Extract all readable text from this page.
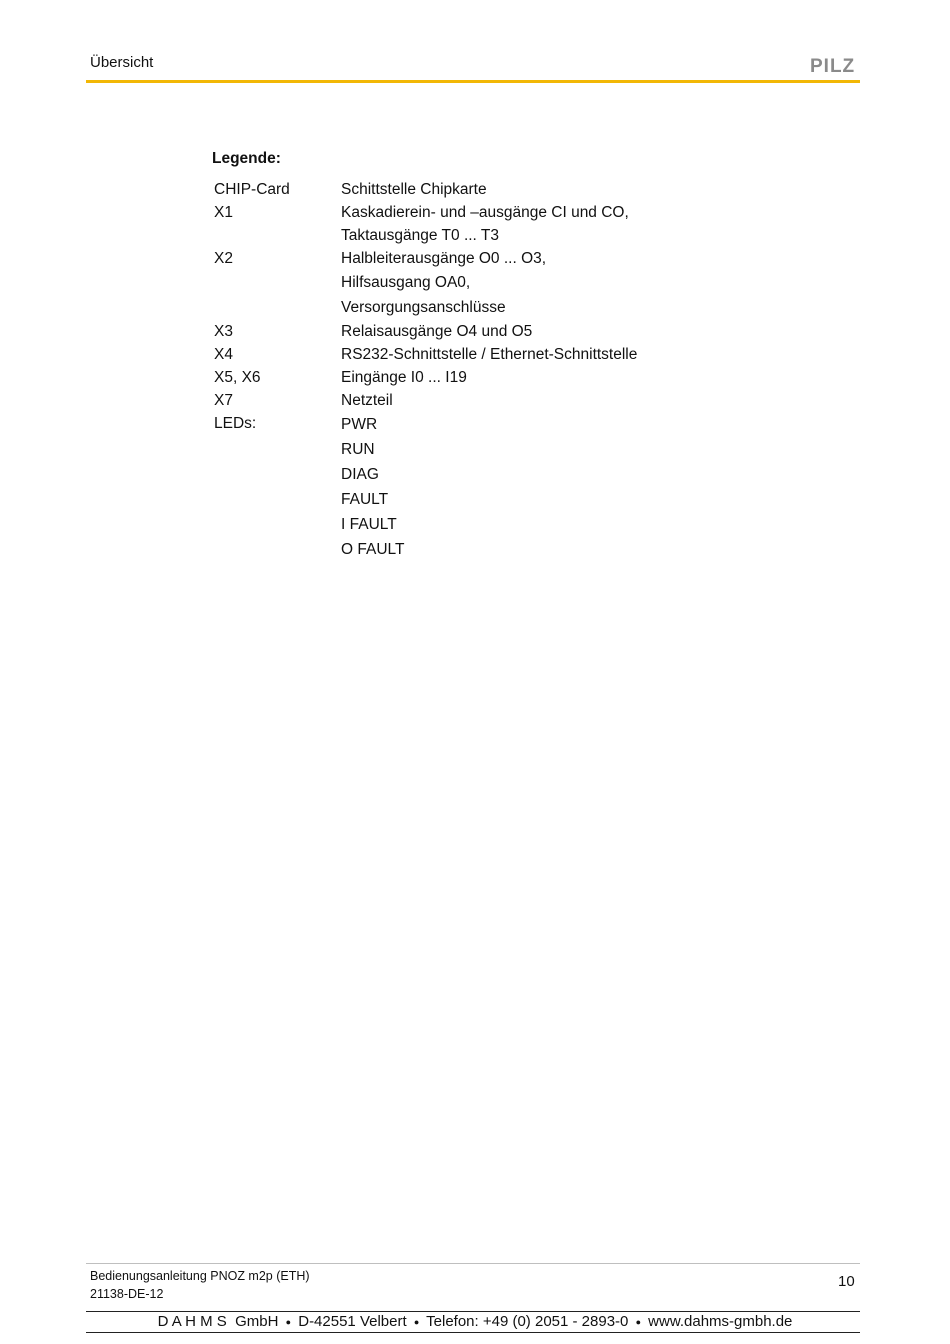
Übersicht	PILZ
Legende:
CHIP-Card	Schittstelle Chipkarte
X1	Kaskadierein- und –ausgänge CI und CO,
Taktausgänge T0 ... T3
X2	Halbleiterausgänge O0 ... O3,
Hilfsausgang OA0,
Versorgungsanschlüsse
X3	Relaisausgänge O4 und O5
X4	RS232-Schnittstelle / Ethernet-Schnittstelle
X5, X6	Eingänge I0 ... I19
X7	Netzteil
LEDs:	PWR
RUN
DIAG
FAULT
I FAULT
O FAULT
Bedienungsanleitung PNOZ m2p (ETH)
21138-DE-12
10
D A H M S  GmbH ● D-42551 Velbert ● Telefon: +49 (0) 2051 - 2893-0 ● www.dahms-gmbh.de
